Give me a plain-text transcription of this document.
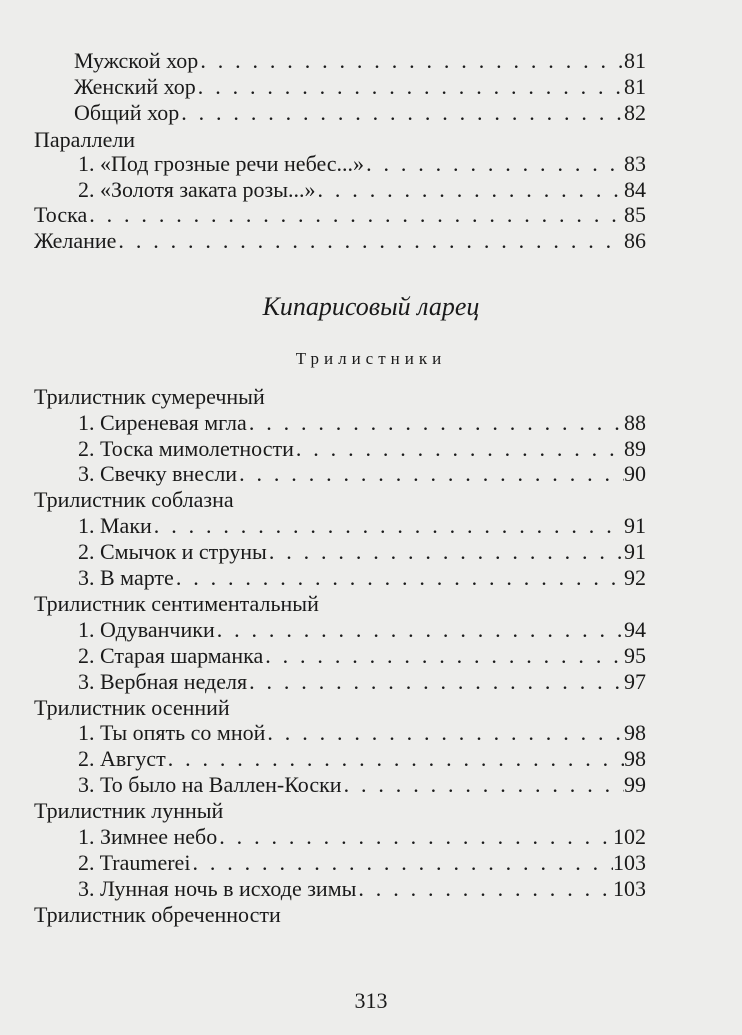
Кипарисовый ларец
Трилистники
Мужской хор . . .	81
Женский хор . . .	81
Общий хор . . .	82
Параллели
1. «Под грозные речи небес...» . . .	83
2. «Золотя заката розы...» . . .	84
Тоска . . .	85
Желание . . .	86
Трилистник сумеречный
1. Сиреневая мгла . . .	88
2. Тоска мимолетности . . .	89
3. Свечку внесли . . .	90
Трилистник соблазна
1. Маки . . .	91
2. Смычок и струны . . .	91
3. В марте . . .	92
Трилистник сентиментальный
1. Одуванчики . . .	94
2. Старая шарманка . . .	95
3. Вербная неделя . . .	97
Трилистник осенний
1. Ты опять со мной . . .	98
2. Август . . .	98
3. То было на Валлен-Коски . . .	99
Трилистник лунный
1. Зимнее небо . . .	102
2. Traumerei . . .	103
3. Лунная ночь в исходе зимы . . .	103
Трилистник обреченности
313
